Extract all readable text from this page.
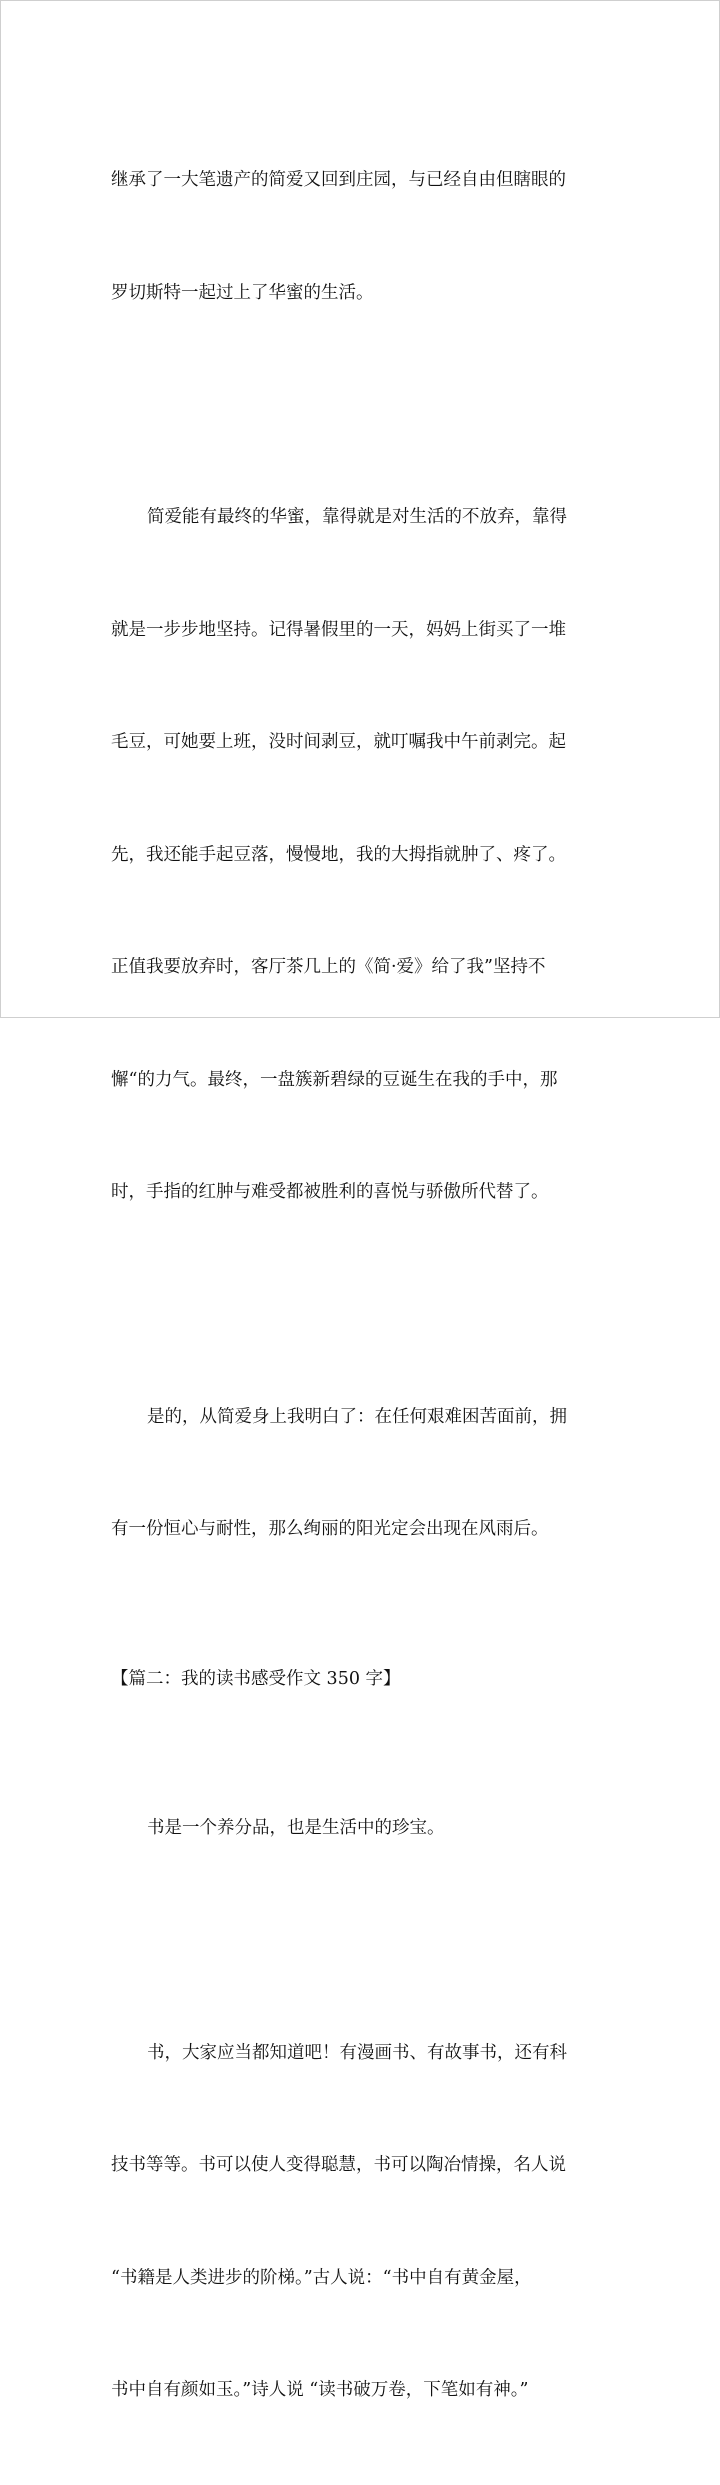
继承了一大笔遗产的简爱又回到庄园，与已经自由但瞎眼的

罗切斯特一起过上了华蜜的生活。

简爱能有最终的华蜜，靠得就是对生活的不放弃，靠得

就是一步步地坚持。记得暑假里的一天，妈妈上街买了一堆

毛豆，可她要上班，没时间剥豆，就叮嘱我中午前剥完。起

先，我还能手起豆落，慢慢地，我的大拇指就肿了、疼了。

正值我要放弃时，客厅茶几上的《简·爱》给了我”坚持不

懈“的力气。最终，一盘簇新碧绿的豆诞生在我的手中，那

时，手指的红肿与难受都被胜利的喜悦与骄傲所代替了。

是的，从简爱身上我明白了：在任何艰难困苦面前，拥

有一份恒心与耐性，那么绚丽的阳光定会出现在风雨后。

【篇二：我的读书感受作文 350 字】

书是一个养分品，也是生活中的珍宝。

书，大家应当都知道吧！有漫画书、有故事书，还有科

技书等等。书可以使人变得聪慧，书可以陶冶情操，名人说

“书籍是人类进步的阶梯。”古人说：“书中自有黄金屋，

书中自有颜如玉。”诗人说 “读书破万卷，下笔如有神。”
